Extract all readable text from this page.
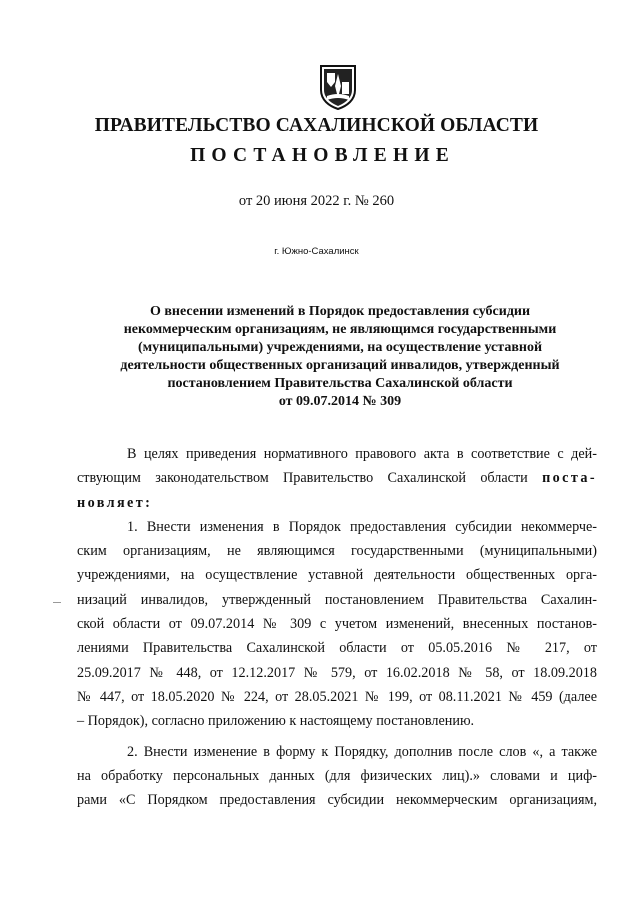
ПРАВИТЕЛЬСТВО САХАЛИНСКОЙ ОБЛАСТИ
ПОСТАНОВЛЕНИЕ

от 20 июня 2022 г. № 260

г. Южно-Сахалинск

О внесении изменений в Порядок предоставления субсидии
некоммерческим организациям, не являющимся государственными
(муниципальными) учреждениями, на осуществление уставной
деятельности общественных организаций инвалидов, утвержденный
постановлением Правительства Сахалинской области
от 09.07.2014 № 309
В целях приведения нормативного правового акта в соответствие с дей-
ствующим законодательством Правительство Сахалинской области поста-
новляет:
1. Внести изменения в Порядок предоставления субсидии некоммерче-
ским организациям, не являющимся государственными (муниципальными)
учреждениями, на осуществление уставной деятельности общественных орга-
низаций инвалидов, утвержденный постановлением Правительства Сахалин-
ской области от 09.07.2014 № 309 с учетом изменений, внесенных постанов-
лениями Правительства Сахалинской области от 05.05.2016 № 217, от
25.09.2017 № 448, от 12.12.2017 № 579, от 16.02.2018 № 58, от 18.09.2018
№ 447, от 18.05.2020 № 224, от 28.05.2021 № 199, от 08.11.2021 № 459 (далее
– Порядок), согласно приложению к настоящему постановлению.
2. Внести изменение в форму к Порядку, дополнив после слов «, а также
на обработку персональных данных (для физических лиц).» словами и циф-
рами «С Порядком предоставления субсидии некоммерческим организациям,
